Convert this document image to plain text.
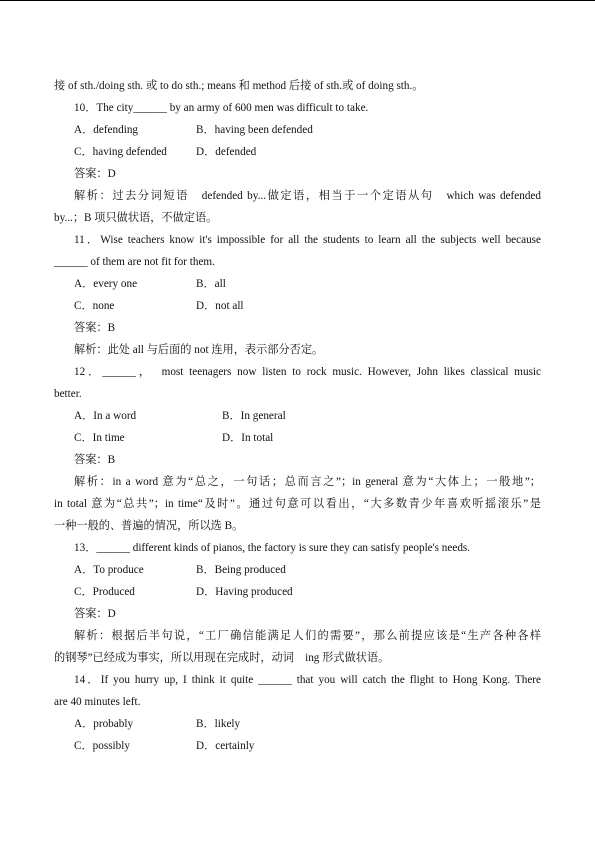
接 of sth./doing sth. 或 to do sth.; means 和 method 后接 of sth.或 of doing sth.。
10．The city______ by an army of 600 men was difficult to take.
A．defending	B．having been defended
C．having defended	D．defended
答案：D
解析：过去分词短语　defended by...做定语，相当于一个定语从句　which was defended
by...；B 项只做状语，不做定语。
11．Wise teachers know it's impossible for all the students to learn all the subjects well because
______ of them are not fit for them.
A．every one	B．all
C．none	D．not all
答案：B
解析：此处 all 与后面的 not 连用，表示部分否定。
12．______，　most teenagers now listen to rock music. However, John likes classical music
better.
A．In a word	B．In general
C．In time	D．In total
答案：B
解析：in a word 意为“总之，一句话；总而言之”；in general 意为“大体上；一般地”；
in total 意为“总共”；in time“及时”。通过句意可以看出，“大多数青少年喜欢听摇滚乐”是
一种一般的、普遍的情况，所以选 B。
13．______ different kinds of pianos, the factory is sure they can satisfy people's needs.
A．To produce	B．Being produced
C．Produced	D．Having produced
答案：D
解析：根据后半句说，“工厂确信能满足人们的需要”，那么前提应该是“生产各种各样
的钢琴”已经成为事实，所以用现在完成时，动词　ing 形式做状语。
14．If you hurry up, I think it quite ______ that you will catch the flight to Hong Kong. There
are 40 minutes left.
A．probably	B．likely
C．possibly	D．certainly
